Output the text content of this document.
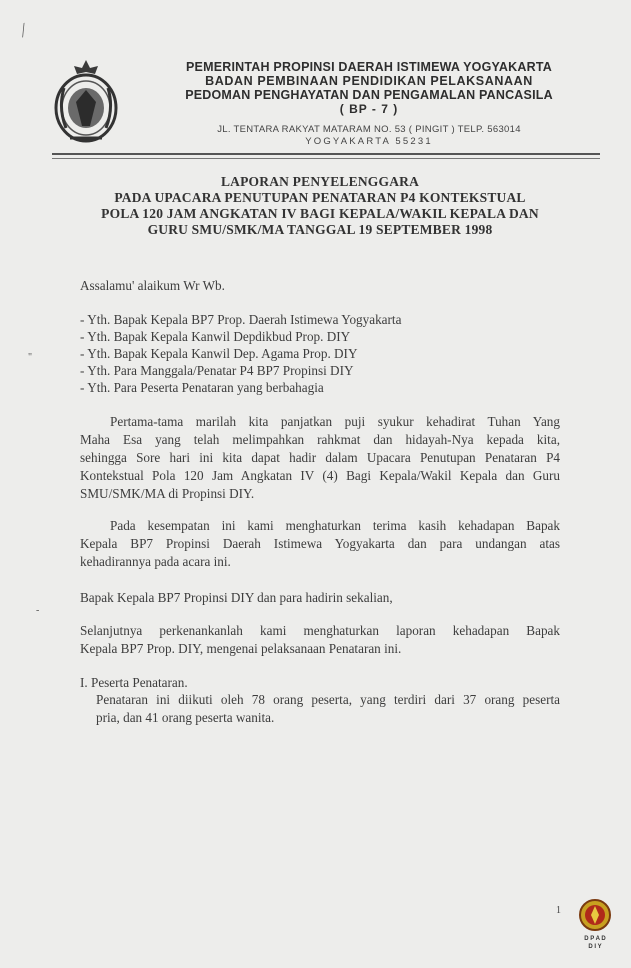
PEMERINTAH PROPINSI DAERAH ISTIMEWA YOGYAKARTA
BADAN PEMBINAAN PENDIDIKAN PELAKSANAAN
PEDOMAN PENGHAYATAN DAN PENGAMALAN PANCASILA
( BP - 7 )
JL. TENTARA RAKYAT MATARAM NO. 53 ( PINGIT ) TELP. 563014
YOGYAKARTA 55231
LAPORAN PENYELENGGARA
PADA UPACARA PENUTUPAN PENATARAN P4 KONTEKSTUAL
POLA 120 JAM ANGKATAN IV BAGI KEPALA/WAKIL KEPALA DAN
GURU SMU/SMK/MA TANGGAL 19 SEPTEMBER 1998
Assalamu' alaikum Wr Wb.
- Yth. Bapak Kepala BP7 Prop. Daerah Istimewa Yogyakarta
- Yth. Bapak Kepala Kanwil Depdikbud Prop. DIY
- Yth. Bapak Kepala Kanwil Dep. Agama Prop. DIY
- Yth. Para Manggala/Penatar P4 BP7 Propinsi DIY
- Yth. Para Peserta Penataran yang berbahagia
Pertama-tama marilah kita panjatkan puji syukur kehadirat Tuhan Yang
Maha Esa yang telah melimpahkan rahkmat dan hidayah-Nya kepada kita,
sehingga Sore hari ini kita dapat hadir dalam Upacara Penutupan Penataran P4
Kontekstual Pola 120 Jam Angkatan IV (4) Bagi Kepala/Wakil Kepala dan Guru
SMU/SMK/MA di Propinsi DIY.
Pada kesempatan ini kami menghaturkan terima kasih kehadapan Bapak
Kepala BP7 Propinsi Daerah Istimewa Yogyakarta dan para undangan atas
kehadirannya pada acara ini.
Bapak Kepala BP7 Propinsi DIY dan para hadirin sekalian,
Selanjutnya perkenankanlah kami menghaturkan laporan kehadapan Bapak
Kepala BP7 Prop. DIY, mengenai pelaksanaan Penataran ini.
I. Peserta Penataran.
Penataran ini diikuti oleh 78 orang peserta, yang terdiri dari 37 orang peserta
pria, dan 41 orang peserta wanita.
⁄
"
-
1
D P A D
D I Y
